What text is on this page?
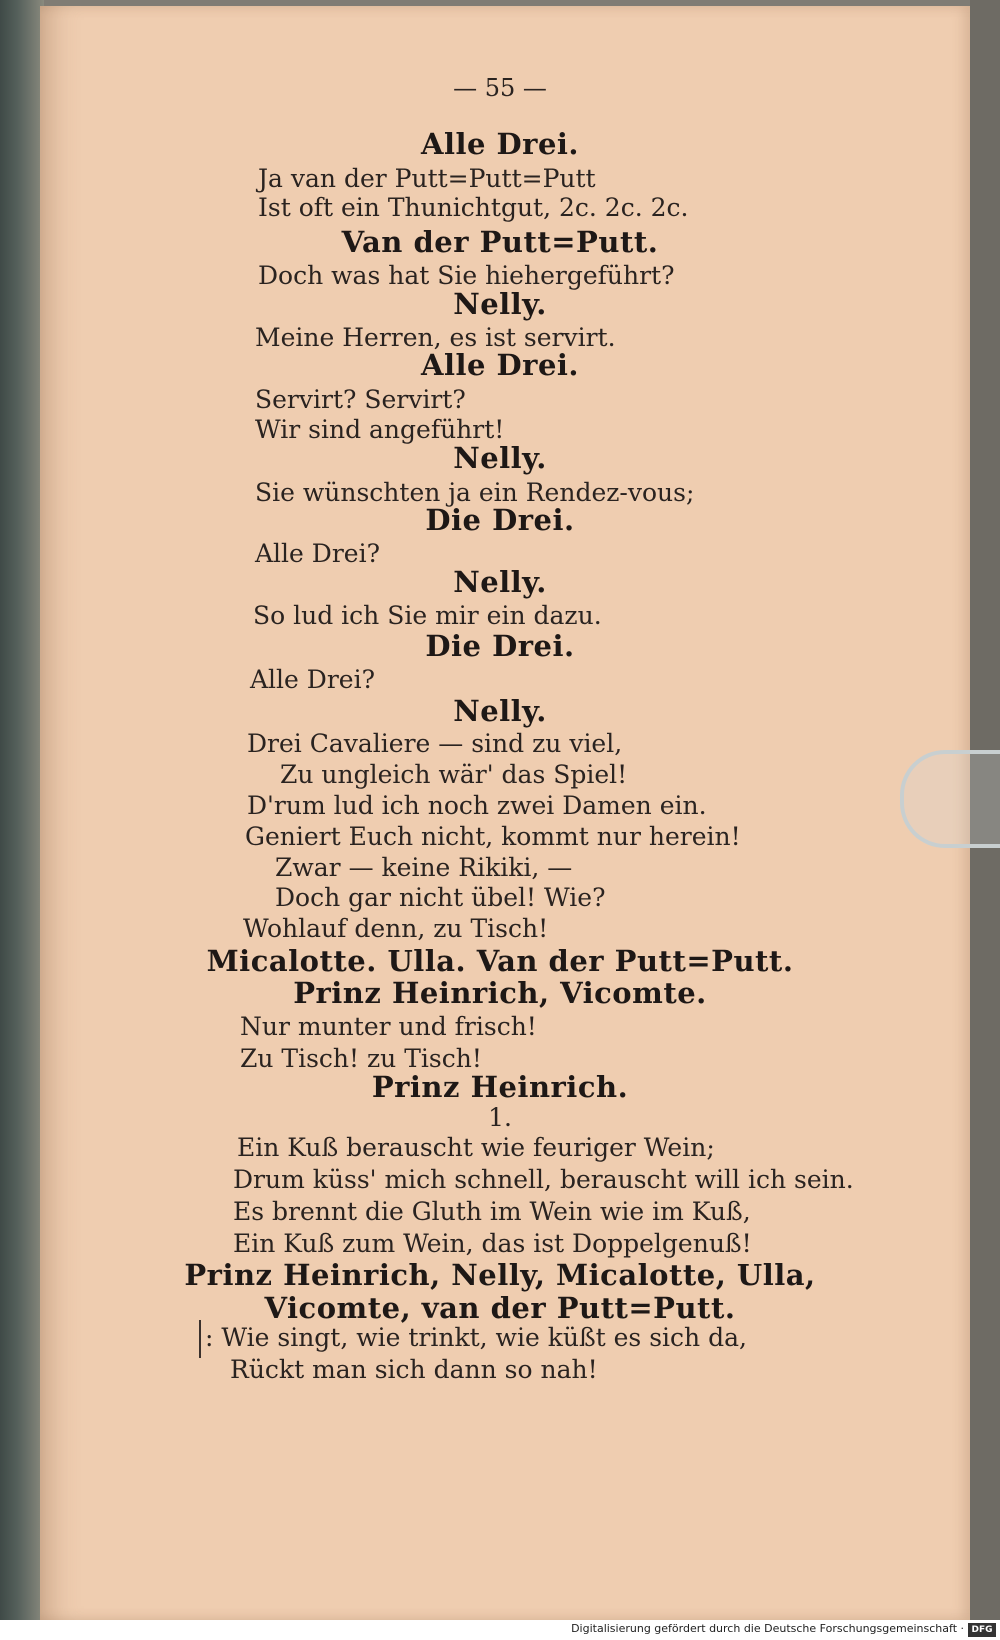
— 55 —
Alle Drei.
Ja van der Putt=Putt=Putt
Ist oft ein Thunichtgut, 2c. 2c. 2c.
Van der Putt=Putt.
Doch was hat Sie hiehergeführt?
Nelly.
Meine Herren, es ist servirt.
Alle Drei.
Servirt? Servirt?
Wir sind angeführt!
Nelly.
Sie wünschten ja ein Rendez-vous;
Die Drei.
Alle Drei?
Nelly.
So lud ich Sie mir ein dazu.
Die Drei.
Alle Drei?
Nelly.
Drei Cavaliere — sind zu viel,
Zu ungleich wär' das Spiel!
D'rum lud ich noch zwei Damen ein.
Geniert Euch nicht, kommt nur herein!
Zwar — keine Rikiki, —
Doch gar nicht übel! Wie?
Wohlauf denn, zu Tisch!
Micalotte. Ulla. Van der Putt=Putt.
Prinz Heinrich, Vicomte.
Nur munter und frisch!
Zu Tisch! zu Tisch!
Prinz Heinrich.
1.
Ein Kuß berauscht wie feuriger Wein;
Drum küss' mich schnell, berauscht will ich sein.
Es brennt die Gluth im Wein wie im Kuß,
Ein Kuß zum Wein, das ist Doppelgenuß!
Prinz Heinrich, Nelly, Micalotte, Ulla,
Vicomte, van der Putt=Putt.
: Wie singt, wie trinkt, wie küßt es sich da,
Rückt man sich dann so nah!
Digitalisierung gefördert durch die Deutsche Forschungsgemeinschaft · DFG
